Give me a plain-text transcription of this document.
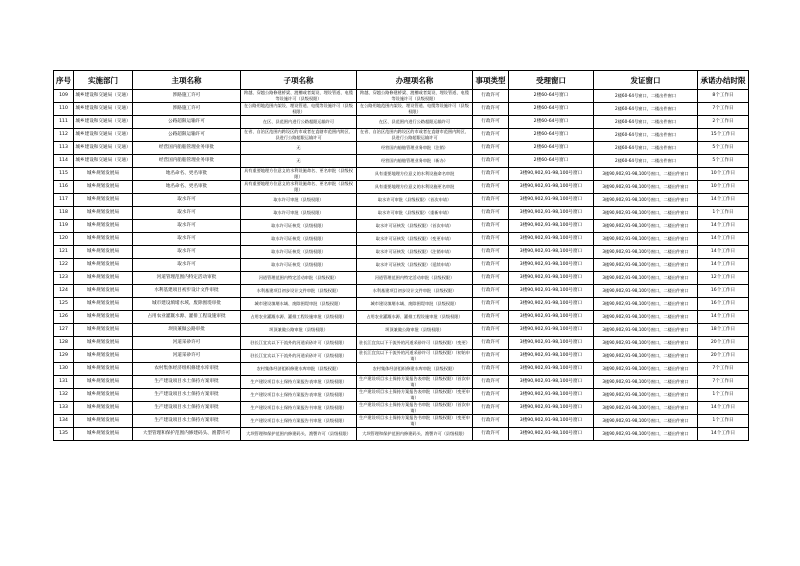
序号	实施部门	主项名称	子项名称	办理项名称	事项类型	受理窗口	发证窗口	承诺办结时限
109	城乡建设和交通局（交通）	涉路施工许可	跨越、穿越公路修建桥梁、渡槽或者架设、埋设管道、电缆等设施许可（县级权限）	跨越、穿越公路修建桥梁、渡槽或者架设、埋设管道、电缆等设施许可（县级权限）	行政许可	2楼60-64号窗口	2楼60-64号窗口，二楼出件窗口	8个工作日
110	城乡建设和交通局（交通）	涉路施工许可	在公路用地范围内架设、埋设管道、电缆等设施许可（县级权限）	在公路用地范围内架设、埋设管道、电缆等设施许可（县级权限）	行政许可	2楼60-64号窗口	2楼60-64号窗口，二楼出件窗口	7个工作日
111	城乡建设和交通局（交通）	公路超限运输许可	在区、县范围内进行公路超限运输许可	在区、县范围内进行公路超限运输许可	行政许可	2楼60-64号窗口	2楼60-64号窗口，二楼出件窗口	2个工作日
112	城乡建设和交通局（交通）	公路超限运输许可	在省、自治区范围内跨设区的市或者在直辖市范围内跨区、县进行公路超限运输许可	在省、自治区范围内跨设区的市或者在直辖市范围内跨区、县进行公路超限运输许可	行政许可	2楼60-64号窗口	2楼60-64号窗口，二楼出件窗口	15个工作日
113	城乡建设和交通局（交通）	经营国内船舶管理业务审批	无	经营国内船舶管理业务审批（注销）	行政许可	2楼60-64号窗口	2楼60-64号窗口，二楼出件窗口	5个工作日
114	城乡建设和交通局（交通）	经营国内船舶管理业务审批	无	经营国内船舶管理业务审批（新办）	行政许可	2楼60-64号窗口	2楼60-64号窗口，二楼出件窗口	5个工作日
115	城乡规划发展局	地名命名、更名审批	具有重要地理方位意义的水利设施命名、更名审批（县级权限）	具有重要地理方位意义的水利设施命名审批	行政许可	3楼90,902,91-98,100号窗口	3楼90,902,91-98,100号窗口，二楼出件窗口	10个工作日
116	城乡规划发展局	地名命名、更名审批	具有重要地理方位意义的水利设施命名、更名审批（县级权限）	具有重要地理方位意义的水利设施更名审批	行政许可	3楼90,902,91-98,100号窗口	3楼90,902,91-98,100号窗口，二楼出件窗口	10个工作日
117	城乡规划发展局	取水许可	取水许可审批（县级权限）	取水许可审批（县级权限）（首次申请）	行政许可	3楼90,902,91-98,100号窗口	3楼90,902,91-98,100号窗口，二楼出件窗口	14个工作日
118	城乡规划发展局	取水许可	取水许可审批（县级权限）	取水许可审批（县级权限）（重新申请）	行政许可	3楼90,902,91-98,100号窗口	3楼90,902,91-98,100号窗口，二楼出件窗口	1个工作日
119	城乡规划发展局	取水许可	取水许可证核发（县级权限）	取水许可证核发（县级权限）（首次申请）	行政许可	3楼90,902,91-98,100号窗口	3楼90,902,91-98,100号窗口，二楼出件窗口	14个工作日
120	城乡规划发展局	取水许可	取水许可证核发（县级权限）	取水许可证核发（县级权限）（变更申请）	行政许可	3楼90,902,91-98,100号窗口	3楼90,902,91-98,100号窗口，二楼出件窗口	14个工作日
121	城乡规划发展局	取水许可	取水许可证核发（县级权限）	取水许可证核发（县级权限）（注销申请）	行政许可	3楼90,902,91-98,100号窗口	3楼90,902,91-98,100号窗口，二楼出件窗口	14个工作日
122	城乡规划发展局	取水许可	取水许可证核发（县级权限）	取水许可证核发（县级权限）（延续申请）	行政许可	3楼90,902,91-98,100号窗口	3楼90,902,91-98,100号窗口，二楼出件窗口	14个工作日
123	城乡规划发展局	河道管理范围内特定活动审批	河道管理范围内特定活动审批（县级权限）	河道管理范围内特定活动审批（县级权限）	行政许可	3楼90,902,91-98,100号窗口	3楼90,902,91-98,100号窗口，二楼出件窗口	12个工作日
124	城乡规划发展局	水利基建项目初步设计文件审批	水利基建项目初步设计文件审批（县级权限）	水利基建项目初步设计文件审批（县级权限）	行政许可	3楼90,902,91-98,100号窗口	3楼90,902,91-98,100号窗口，二楼出件窗口	16个工作日
125	城乡规划发展局	城市建设填堵水域、废除围堤审批	城市建设填堵水域、废除围堤审批（县级权限）	城市建设填堵水域、废除围堤审批（县级权限）	行政许可	3楼90,902,91-98,100号窗口	3楼90,902,91-98,100号窗口，二楼出件窗口	16个工作日
126	城乡规划发展局	占用农业灌溉水源、灌排工程设施审批	占用农业灌溉水源、灌排工程设施审批（县级权限）	占用农业灌溉水源、灌排工程设施审批（县级权限）	行政许可	3楼90,902,91-98,100号窗口	3楼90,902,91-98,100号窗口，二楼出件窗口	14个工作日
127	城乡规划发展局	坝顶兼做公路审批	坝顶兼做公路审批（县级权限）	坝顶兼做公路审批（县级权限）	行政许可	3楼90,902,91-98,100号窗口	3楼90,902,91-98,100号窗口，二楼出件窗口	18个工作日
128	城乡规划发展局	河道采砂许可	驻长江宜宾以下干流外的河道采砂许可（县级权限）	驻长江宜宾以下干流外的河道采砂许可（县级权限）（变更）	行政许可	3楼90,902,91-98,100号窗口	3楼90,902,91-98,100号窗口，二楼出件窗口	20个工作日
129	城乡规划发展局	河道采砂许可	驻长江宜宾以下干流外的河道采砂许可（县级权限）	驻长江宜宾以下干流外的河道采砂许可（县级权限）（初始申请）	行政许可	3楼90,902,91-98,100号窗口	3楼90,902,91-98,100号窗口，二楼出件窗口	20个工作日
130	城乡规划发展局	农村集体经济组织修建水库审批	农村集体经济组织修建水库审批（县级权限）	农村集体经济组织修建水库审批（县级权限）	行政许可	3楼90,902,91-98,100号窗口	3楼90,902,91-98,100号窗口，二楼出件窗口	7个工作日
131	城乡规划发展局	生产建设项目水土保持方案审批	生产建设项目水土保持方案报告表审批（县级权限）	生产建设项目水土保持方案报告表审批（县级权限）（首次申请）	行政许可	3楼90,902,91-98,100号窗口	3楼90,902,91-98,100号窗口，二楼出件窗口	7个工作日
132	城乡规划发展局	生产建设项目水土保持方案审批	生产建设项目水土保持方案报告表审批（县级权限）	生产建设项目水土保持方案报告表审批（县级权限）（变更申请）	行政许可	3楼90,902,91-98,100号窗口	3楼90,902,91-98,100号窗口，二楼出件窗口	1个工作日
133	城乡规划发展局	生产建设项目水土保持方案审批	生产建设项目水土保持方案报告书审批（县级权限）	生产建设项目水土保持方案报告书审批（县级权限）（首次申请）	行政许可	3楼90,902,91-98,100号窗口	3楼90,902,91-98,100号窗口，二楼出件窗口	14个工作日
134	城乡规划发展局	生产建设项目水土保持方案审批	生产建设项目水土保持方案报告书审批（县级权限）	生产建设项目水土保持方案报告书审批（县级权限）（变更申请）	行政许可	3楼90,902,91-98,100号窗口	3楼90,902,91-98,100号窗口，二楼出件窗口	1个工作日
135	城乡规划发展局	大型管理和保护范围内修建码头、渔罾许可	大坝管理和保护范围内修建码头、渔罾许可（县级权限）	大坝管理和保护范围内修建码头、渔罾许可（县级权限）	行政许可	3楼90,902,91-98,100号窗口	3楼90,902,91-98,100号窗口，二楼出件窗口	14个工作日
